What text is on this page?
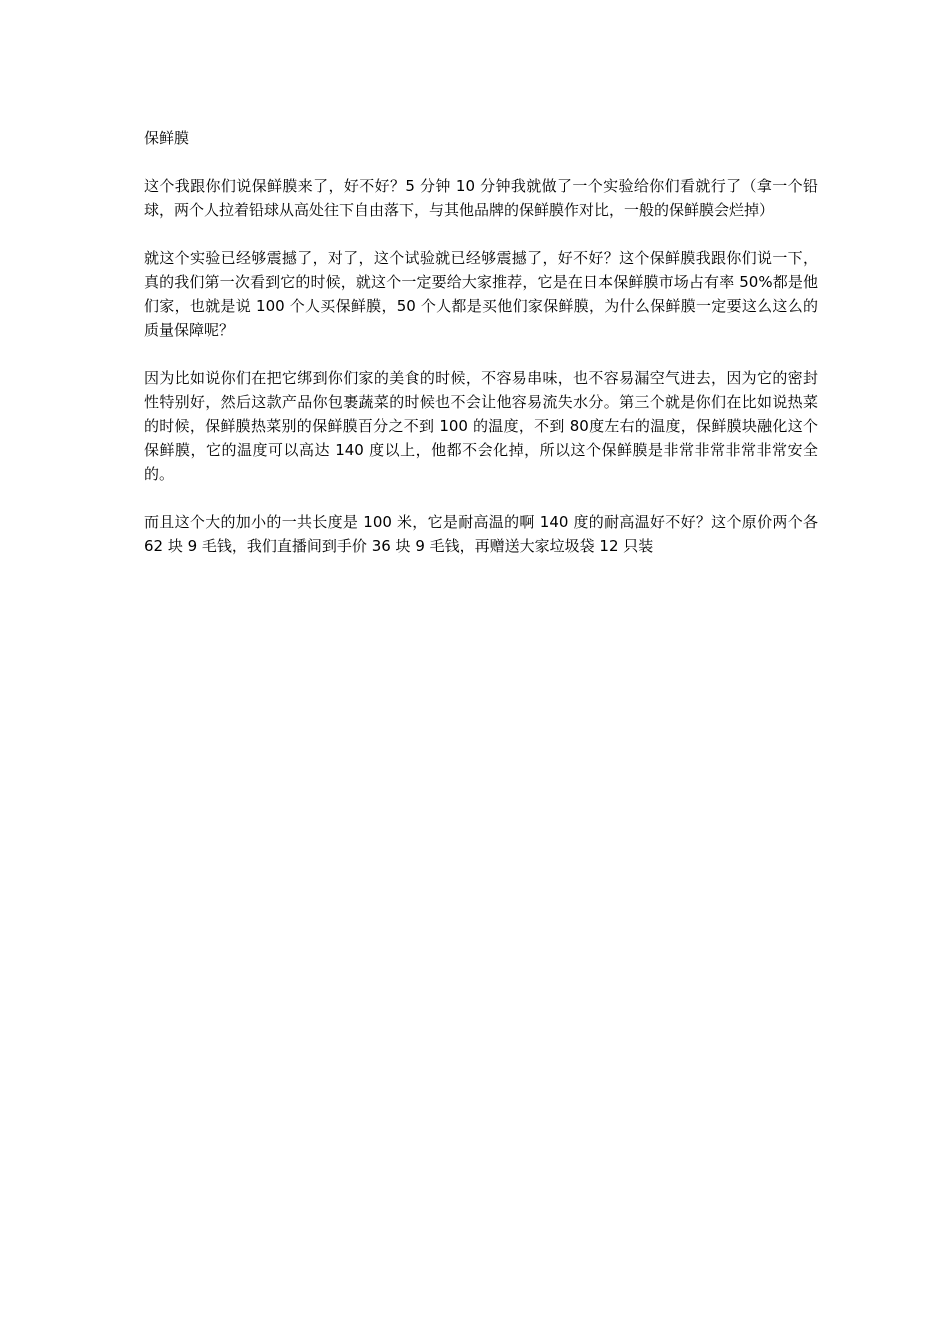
保鲜膜

这个我跟你们说保鲜膜来了，好不好？5 分钟 10 分钟我就做了一个实验给你们看就行了（拿一个铅球，两个人拉着铅球从高处往下自由落下，与其他品牌的保鲜膜作对比，一般的保鲜膜会烂掉）

就这个实验已经够震撼了，对了，这个试验就已经够震撼了，好不好？这个保鲜膜我跟你们说一下，真的我们第一次看到它的时候，就这个一定要给大家推荐，它是在日本保鲜膜市场占有率 50%都是他们家，也就是说 100 个人买保鲜膜，50 个人都是买他们家保鲜膜，为什么保鲜膜一定要这么这么的质量保障呢？

因为比如说你们在把它绑到你们家的美食的时候，不容易串味，也不容易漏空气进去，因为它的密封性特别好，然后这款产品你包裹蔬菜的时候也不会让他容易流失水分。第三个就是你们在比如说热菜的时候，保鲜膜热菜别的保鲜膜百分之不到 100 的温度，不到 80度左右的温度，保鲜膜块融化这个保鲜膜，它的温度可以高达 140 度以上，他都不会化掉，所以这个保鲜膜是非常非常非常非常安全的。

而且这个大的加小的一共长度是 100 米，它是耐高温的啊 140 度的耐高温好不好？这个原价两个各 62 块 9 毛钱，我们直播间到手价 36 块 9 毛钱，再赠送大家垃圾袋 12 只装
